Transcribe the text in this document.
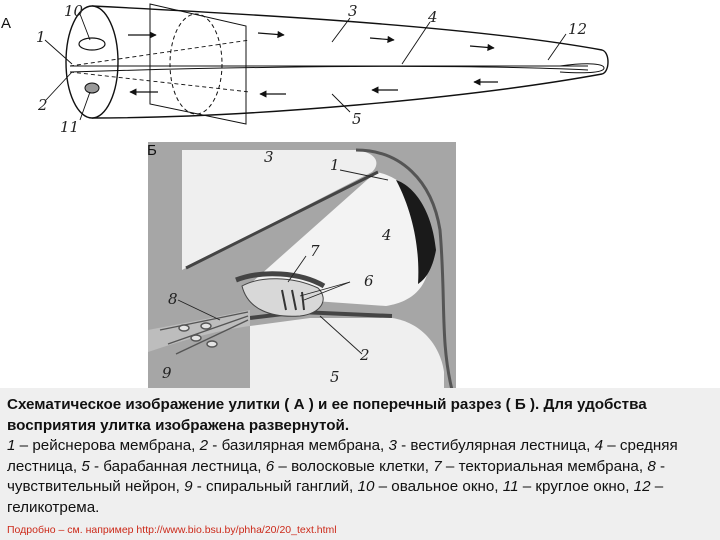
А
1
2
10
11
3	4
5
12
Б	3	1
4
7
6
8
2
9	5
Схематическое изображение улитки ( А ) и ее поперечный разрез ( Б ). Для удобства восприятия улитка изображена развернутой.
1 – рейснерова мембрана, 2 - базилярная мембрана, 3 - вестибулярная лестница, 4 – средняя лестница, 5 - барабанная лестница, 6 – волосковые клетки, 7 – текториальная мембрана, 8 - чувствительный нейрон, 9 - спиральный ганглий, 10 – овальное окно, 11 – круглое окно, 12 – геликотрема.
Подробно – см. например http://www.bio.bsu.by/phha/20/20_text.html
